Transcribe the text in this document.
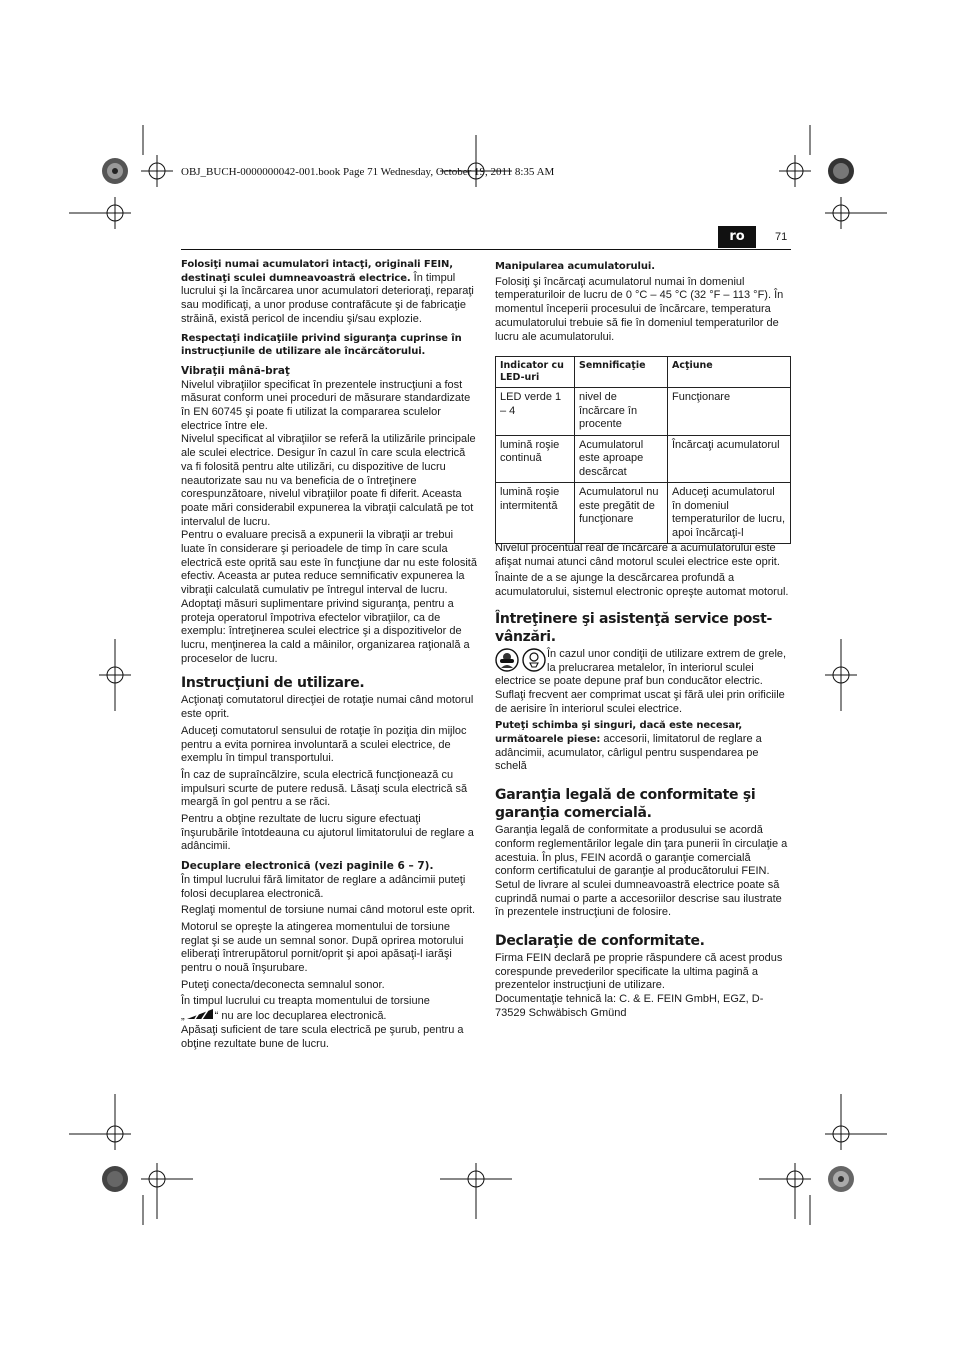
OBJ_BUCH-0000000042-001.book Page 71 Wednesday, October 19, 2011 8:35 AM
ro	71

Folosiţi numai acumulatori intacţi, originali FEIN, destinaţi sculei dumneavoastră electrice. În timpul lucrului şi la încărcarea unor acumulatori deterioraţi, reparaţi sau modificaţi, a unor produse contrafăcute şi de fabricaţie străină, există pericol de incendiu şi/sau explozie.

Respectaţi indicaţiile privind siguranţa cuprinse în instrucţiunile de utilizare ale încărcătorului.

Vibraţii mână-braţ

Nivelul vibraţiilor specificat în prezentele instrucţiuni a fost măsurat conform unei proceduri de măsurare standardizate în EN 60745 şi poate fi utilizat la compararea sculelor electrice între ele.

Nivelul specificat al vibraţiilor se referă la utilizările principale ale sculei electrice. Desigur în cazul în care scula electrică va fi folosită pentru alte utilizări, cu dispozitive de lucru neautorizate sau nu va beneficia de o întreţinere corespunzătoare, nivelul vibraţiilor poate fi diferit. Aceasta poate mări considerabil expunerea la vibraţii calculată pe tot intervalul de lucru.

Pentru o evaluare precisă a expunerii la vibraţii ar trebui luate în considerare şi perioadele de timp în care scula electrică este oprită sau este în funcţiune dar nu este folosită efectiv. Aceasta ar putea reduce semnificativ expunerea la vibraţii calculată cumulativ pe întregul interval de lucru.

Adoptaţi măsuri suplimentare privind siguranţa, pentru a proteja operatorul împotriva efectelor vibraţiilor, ca de exemplu: întreţinerea sculei electrice şi a dispozitivelor de lucru, menţinerea la cald a mâinilor, organizarea raţională a proceselor de lucru.

Instrucţiuni de utilizare.

Acţionaţi comutatorul direcţiei de rotaţie numai când motorul este oprit.

Aduceţi comutatorul sensului de rotaţie în poziţia din mijloc pentru a evita pornirea involuntară a sculei electrice, de exemplu în timpul transportului.

În caz de supraîncălzire, scula electrică funcţionează cu impulsuri scurte de putere redusă. Lăsaţi scula electrică să meargă în gol pentru a se răci.

Pentru a obţine rezultate de lucru sigure efectuaţi înşurubările întotdeauna cu ajutorul limitatorului de reglare a adâncimii.

Decuplare electronică (vezi paginile 6 – 7).

În timpul lucrului fără limitator de reglare a adâncimii puteţi folosi decuplarea electronică.

Reglaţi momentul de torsiune numai când motorul este oprit.

Motorul se opreşte la atingerea momentului de torsiune reglat şi se aude un semnal sonor. După oprirea motorului eliberaţi întrerupătorul pornit/oprit şi apoi apăsaţi-l iarăşi pentru o nouă înşurubare.

Puteţi conecta/deconecta semnalul sonor.

În timpul lucrului cu treapta momentului de torsiune
„	“ nu are loc decuplarea electronică.

Apăsaţi suficient de tare scula electrică pe şurub, pentru a obţine rezultate bune de lucru.

Manipularea acumulatorului.

Folosiţi şi încărcaţi acumulatorul numai în domeniul temperaturiloir de lucru de 0 °C – 45 °C (32 °F – 113 °F). În momentul începerii procesului de încărcare, temperatura acumulatorului trebuie să fie în domeniul temperaturilor de lucru ale acumulatorului.

Indicator cu LED-uri	Semnificaţie	Acţiune
LED verde 1 – 4	nivel de încărcare în procente	Funcţionare
lumină roşie continuă	Acumulatorul este aproape descărcat	Încărcaţi acumulatorul
lumină roşie intermitentă	Acumulatorul nu este pregătit de funcţionare	Aduceţi acumulatorul în domeniul temperaturilor de lucru, apoi încărcaţi-l

Nivelul procentual real de încărcare a acumulatorului este afişat numai atunci când motorul sculei electrice este oprit.

Înainte de a se ajunge la descărcarea profundă a acumulatorului, sistemul electronic opreşte automat motorul.

Întreţinere şi asistenţă service post-vânzări.

În cazul unor condiţii de utilizare extrem de grele, la prelucrarea metalelor, în interiorul sculei electrice se poate depune praf bun conducător electric. Suflaţi frecvent aer comprimat uscat şi fără ulei prin orificiile de aerisire în interiorul sculei electrice.

Puteţi schimba şi singuri, dacă este necesar, următoarele piese: accesorii, limitatorul de reglare a adâncimii, acumulator, cârligul pentru suspendarea pe schelă

Garanţia legală de conformitate şi garanţia comercială.

Garanţia legală de conformitate a produsului se acordă conform reglementărilor legale din ţara punerii în circulaţie a acestuia. În plus, FEIN acordă o garanţie comercială conform certificatului de garanţie al producătorului FEIN.

Setul de livrare al sculei dumneavoastră electrice poate să cuprindă numai o parte a accesoriilor descrise sau ilustrate în prezentele instrucţiuni de folosire.

Declaraţie de conformitate.

Firma FEIN declară pe proprie răspundere că acest produs corespunde prevederilor specificate la ultima pagină a prezentelor instrucţiuni de utilizare.

Documentaţie tehnică la: C. & E. FEIN GmbH, EGZ, D-73529 Schwäbisch Gmünd
